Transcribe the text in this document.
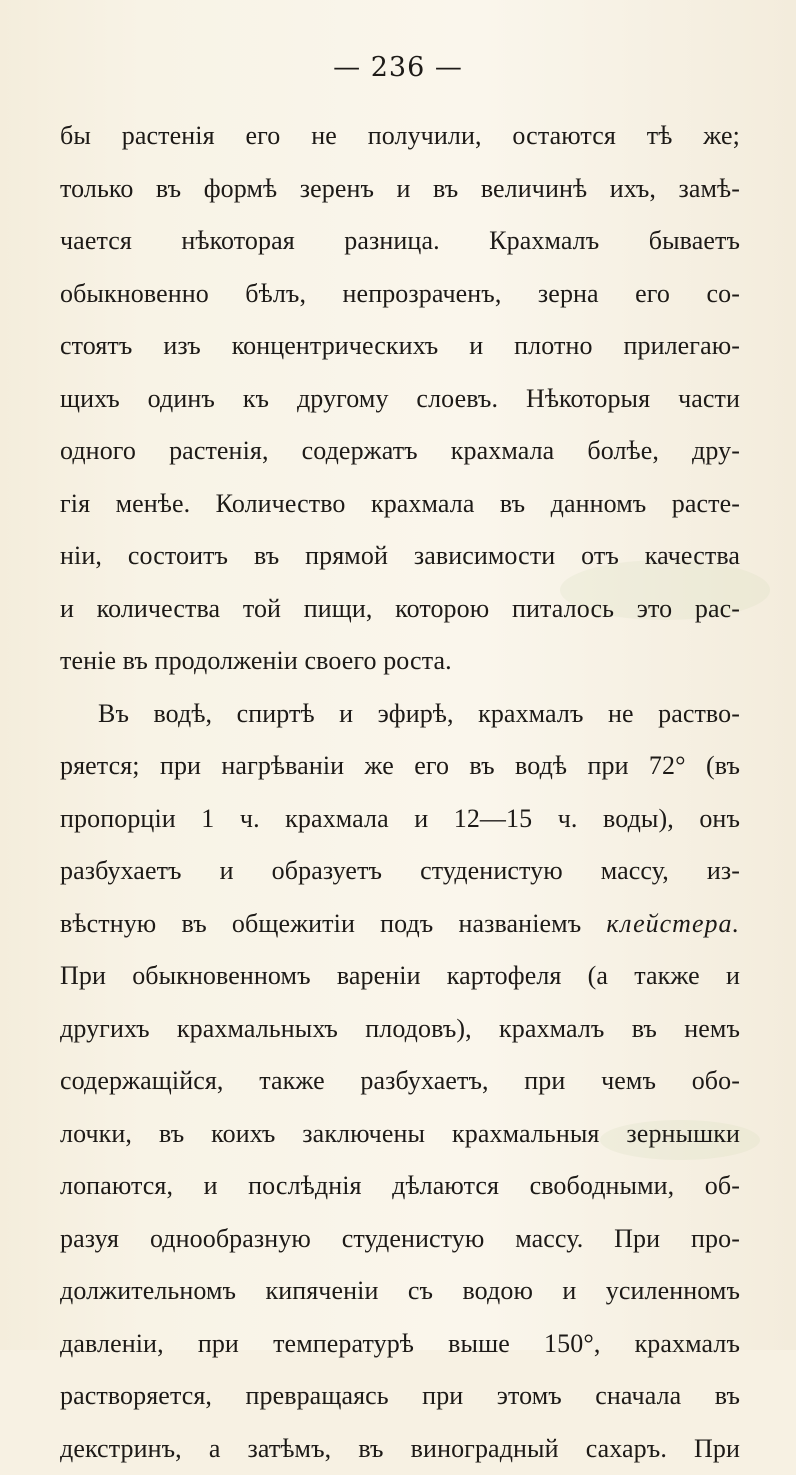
— 236 —
бы растенія его не получили, остаются тѣ же;
только въ формѣ зеренъ и въ величинѣ ихъ, замѣ-
чается нѣкоторая разница. Крахмалъ бываетъ
обыкновенно бѣлъ, непрозраченъ, зерна его со-
стоятъ изъ концентрическихъ и плотно прилегаю-
щихъ одинъ къ другому слоевъ. Нѣкоторыя части
одного растенія, содержатъ крахмала болѣе, дру-
гія менѣе. Количество крахмала въ данномъ расте-
ніи, состоитъ въ прямой зависимости отъ качества
и количества той пищи, которою питалось это рас-
теніе въ продолженіи своего роста.
Въ водѣ, спиртѣ и эфирѣ, крахмалъ не раство-
ряется; при нагрѣваніи же его въ водѣ при 72° (въ
пропорціи 1 ч. крахмала и 12—15 ч. воды), онъ
разбухаетъ и образуетъ студенистую массу, из-
вѣстную въ общежитіи подъ названіемъ клейстера.
При обыкновенномъ вареніи картофеля (а также и
другихъ крахмальныхъ плодовъ), крахмалъ въ немъ
содержащійся, также разбухаетъ, при чемъ обо-
лочки, въ коихъ заключены крахмальныя зернышки
лопаются, и послѣднія дѣлаются свободными, об-
разуя однообразную студенистую массу. При про-
должительномъ кипяченіи съ водою и усиленномъ
давленіи, при температурѣ выше 150°, крахмалъ
растворяется, превращаясь при этомъ сначала въ
декстринъ, а затѣмъ, въ виноградный сахаръ. При
